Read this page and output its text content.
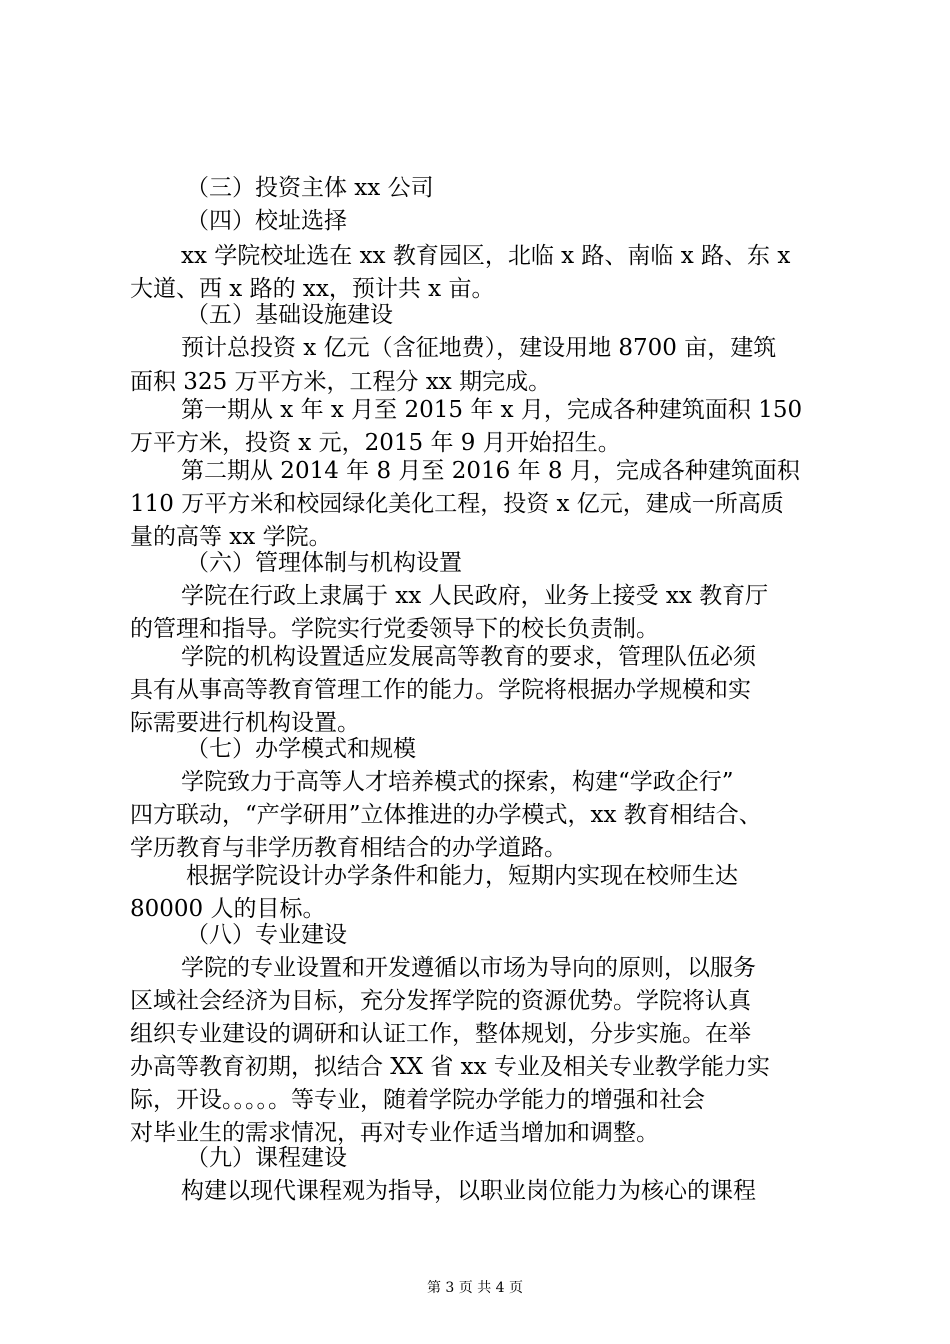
（三）投资主体 xx 公司
（四）校址选择
xx 学院校址选在 xx 教育园区，北临 x 路、南临 x 路、东 x
大道、西 x 路的 xx，预计共 x 亩。
（五）基础设施建设
预计总投资 x 亿元（含征地费），建设用地 8700 亩，建筑
面积 325 万平方米，工程分 xx 期完成。
第一期从 x 年 x 月至 2015 年 x 月，完成各种建筑面积 150
万平方米，投资 x 元，2015 年 9 月开始招生。
第二期从 2014 年 8 月至 2016 年 8 月，完成各种建筑面积
110 万平方米和校园绿化美化工程，投资 x 亿元，建成一所高质
量的高等 xx 学院。
（六）管理体制与机构设置
学院在行政上隶属于 xx 人民政府，业务上接受 xx 教育厅
的管理和指导。学院实行党委领导下的校长负责制。
学院的机构设置适应发展高等教育的要求，管理队伍必须
具有从事高等教育管理工作的能力。学院将根据办学规模和实
际需要进行机构设置。
（七）办学模式和规模
学院致力于高等人才培养模式的探索，构建“学政企行”
四方联动，“产学研用”立体推进的办学模式，xx 教育相结合、
学历教育与非学历教育相结合的办学道路。
根据学院设计办学条件和能力，短期内实现在校师生达
80000 人的目标。
（八）专业建设
学院的专业设置和开发遵循以市场为导向的原则，以服务
区域社会经济为目标，充分发挥学院的资源优势。学院将认真
组织专业建设的调研和认证工作，整体规划，分步实施。在举
办高等教育初期，拟结合 XX 省 xx 专业及相关专业教学能力实
际，开设。。。。。等专业，随着学院办学能力的增强和社会
对毕业生的需求情况，再对专业作适当增加和调整。
（九）课程建设
构建以现代课程观为指导，以职业岗位能力为核心的课程
第 3 页 共 4 页
